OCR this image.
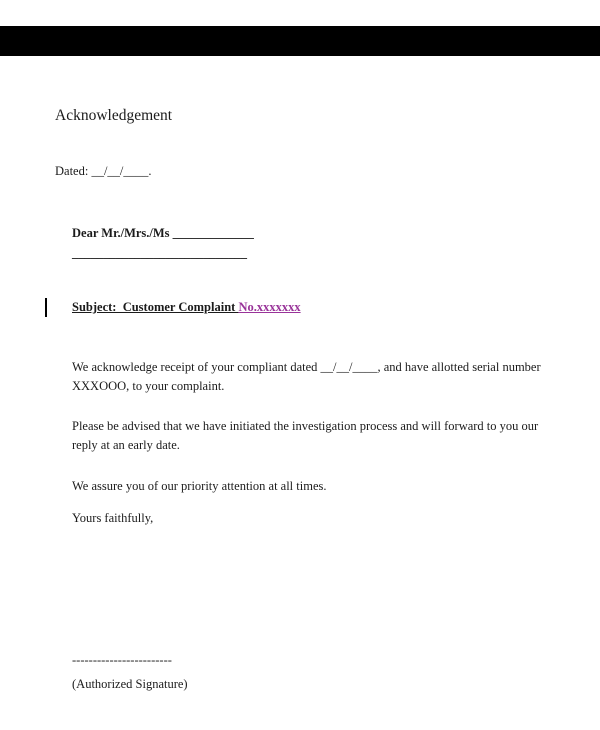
Acknowledgement
Dated: __/__/____.
Dear Mr./Mrs./Ms _____________
____________________________
Subject:  Customer Complaint No.xxxxxxx
We acknowledge receipt of your compliant dated __/__/____, and have allotted serial number
XXXOOO, to your complaint.
Please be advised that we have initiated the investigation process and will forward to you our
reply at an early date.
We assure you of our priority attention at all times.
Yours faithfully,
------------------------
(Authorized Signature)
